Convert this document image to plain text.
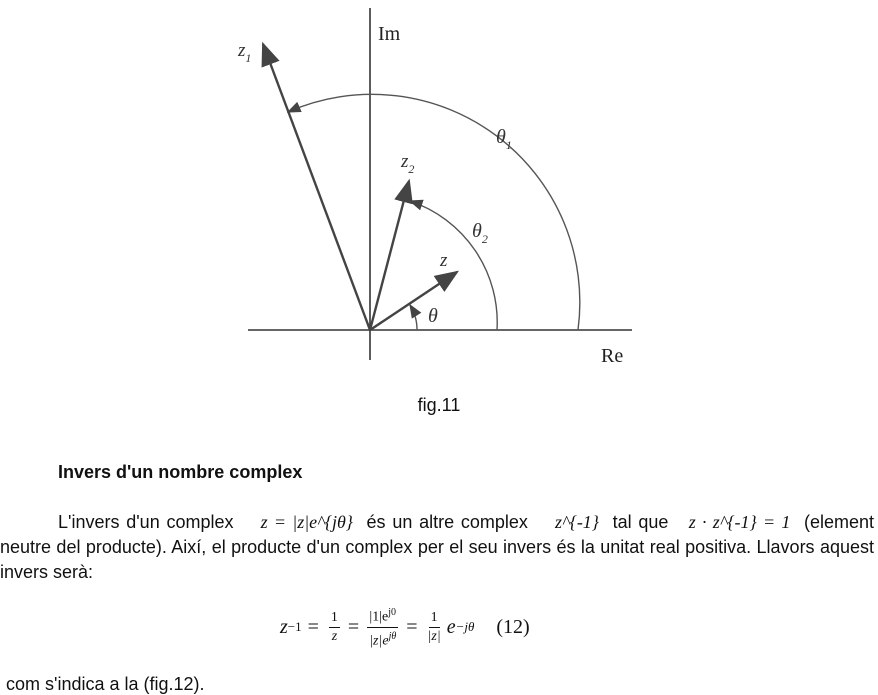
Im
Re
$z_1$
$z_2$
z
$\theta_1$
$\theta_2$
θ
fig.11
Invers d'un nombre complex
L'invers d'un complex z = |z|e^{jθ} és un altre complex z^{-1} tal que z · z^{-1} = 1 (element neutre del producte). Així, el producte d'un complex per el seu invers és la unitat real positiva. Llavors aquest invers serà:
$z -1 = \frac{1}{z} = \frac{|1|e^{j0}}{|z|e^{j\theta}} = \frac{1}{|z|}$ e −jθ (12)
com s'indica a la (fig.12).
